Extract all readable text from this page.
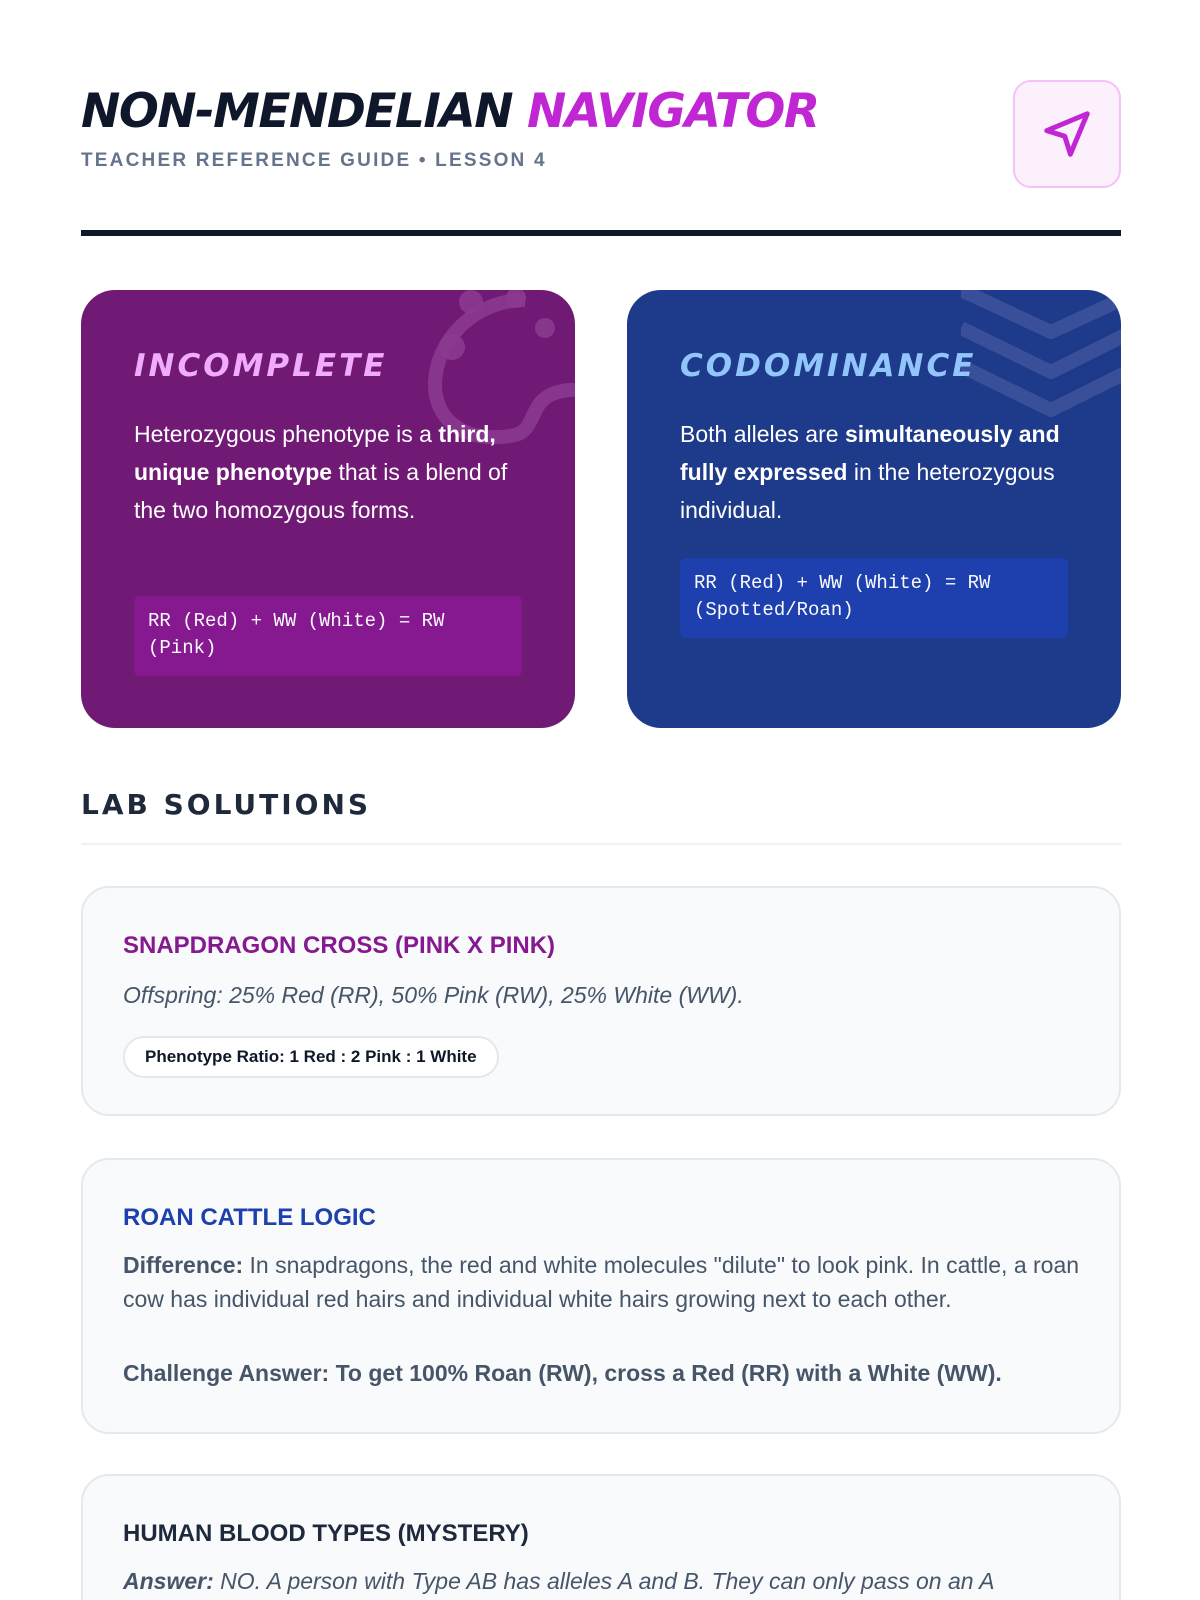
NON-MENDELIAN NAVIGATOR
TEACHER REFERENCE GUIDE • LESSON 4
INCOMPLETE
Heterozygous phenotype is a third, unique phenotype that is a blend of the two homozygous forms.
RR (Red) + WW (White) = RW (Pink)
CODOMINANCE
Both alleles are simultaneously and fully expressed in the heterozygous individual.
RR (Red) + WW (White) = RW (Spotted/Roan)
LAB SOLUTIONS
SNAPDRAGON CROSS (PINK X PINK)
Offspring: 25% Red (RR), 50% Pink (RW), 25% White (WW).
Phenotype Ratio: 1 Red : 2 Pink : 1 White
ROAN CATTLE LOGIC
Difference: In snapdragons, the red and white molecules "dilute" to look pink. In cattle, a roan cow has individual red hairs and individual white hairs growing next to each other.
Challenge Answer: To get 100% Roan (RW), cross a Red (RR) with a White (WW).
HUMAN BLOOD TYPES (MYSTERY)
Answer: NO. A person with Type AB has alleles A and B. They can only pass on an A
